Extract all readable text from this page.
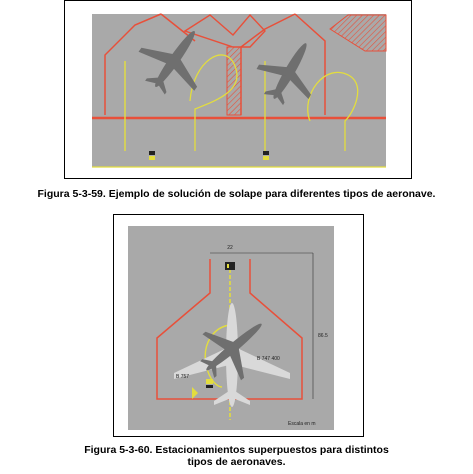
Figura 5-3-59. Ejemplo de solución de solape para diferentes tipos de aeronave.
22
86.5
B 747 400
B 757
Escala en m
Figura 5-3-60. Estacionamientos superpuestos para distintos
tipos de aeronaves.
